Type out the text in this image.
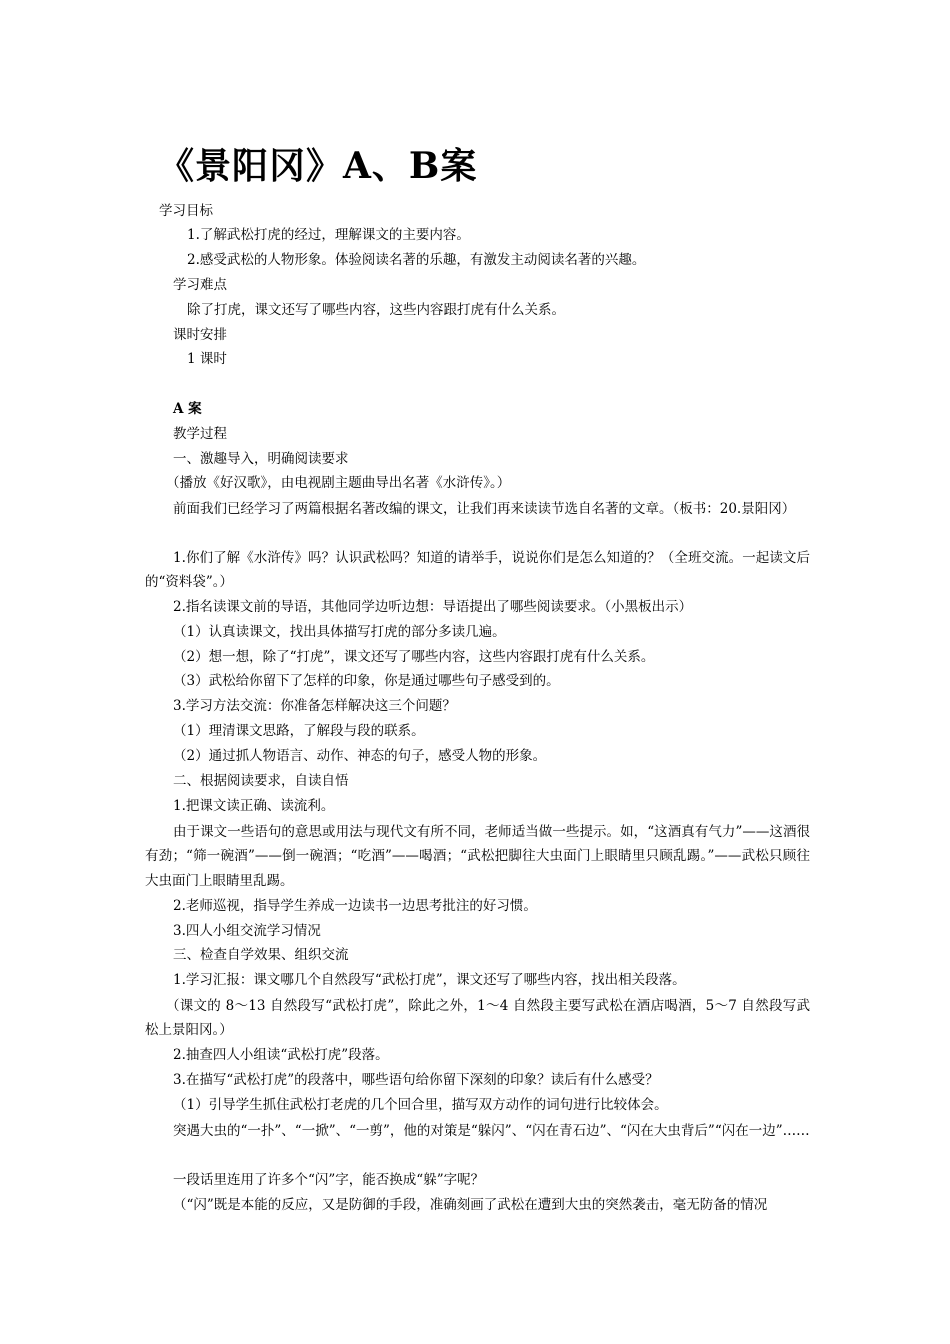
《景阳冈》A、B案
学习目标
1.了解武松打虎的经过，理解课文的主要内容。
2.感受武松的人物形象。体验阅读名著的乐趣，有激发主动阅读名著的兴趣。
学习难点
除了打虎，课文还写了哪些内容，这些内容跟打虎有什么关系。
课时安排
1 课时
A 案
教学过程
一、激趣导入，明确阅读要求
（播放《好汉歌》，由电视剧主题曲导出名著《水浒传》。）

前面我们已经学习了两篇根据名著改编的课文，让我们再来读读节选自名著的文章。（板书：20.景阳冈）

1.你们了解《水浒传》吗？认识武松吗？知道的请举手，说说你们是怎么知道的？（全班交流。一起读文后的“资料袋”。）

2.指名读课文前的导语，其他同学边听边想：导语提出了哪些阅读要求。（小黑板出示）
（1）认真读课文，找出具体描写打虎的部分多读几遍。
（2）想一想，除了“打虎”，课文还写了哪些内容，这些内容跟打虎有什么关系。
（3）武松给你留下了怎样的印象，你是通过哪些句子感受到的。
3.学习方法交流：你准备怎样解决这三个问题？
（1）理清课文思路，了解段与段的联系。
（2）通过抓人物语言、动作、神态的句子，感受人物的形象。
二、根据阅读要求，自读自悟
1.把课文读正确、读流利。

由于课文一些语句的意思或用法与现代文有所不同，老师适当做一些提示。如，“这酒真有气力”——这酒很有劲；“筛一碗酒”——倒一碗酒；“吃酒”——喝酒；“武松把脚往大虫面门上眼睛里只顾乱踢。”——武松只顾往大虫面门上眼睛里乱踢。

2.老师巡视，指导学生养成一边读书一边思考批注的好习惯。
3.四人小组交流学习情况
三、检查自学效果、组织交流
1.学习汇报：课文哪几个自然段写“武松打虎”，课文还写了哪些内容，找出相关段落。

（课文的 8～13 自然段写“武松打虎”，除此之外，1～4 自然段主要写武松在酒店喝酒，5～7 自然段写武松上景阳冈。）

2.抽查四人小组读“武松打虎”段落。
3.在描写“武松打虎”的段落中，哪些语句给你留下深刻的印象？读后有什么感受？
（1）引导学生抓住武松打老虎的几个回合里，描写双方动作的词句进行比较体会。

突遇大虫的“一扑”、“一掀”、“一剪”，他的对策是“躲闪”、“闪在青石边”、“闪在大虫背后”“闪在一边”……

一段话里连用了许多个“闪”字，能否换成“躲”字呢？
（“闪”既是本能的反应，又是防御的手段，准确刻画了武松在遭到大虫的突然袭击，毫无防备的情况
